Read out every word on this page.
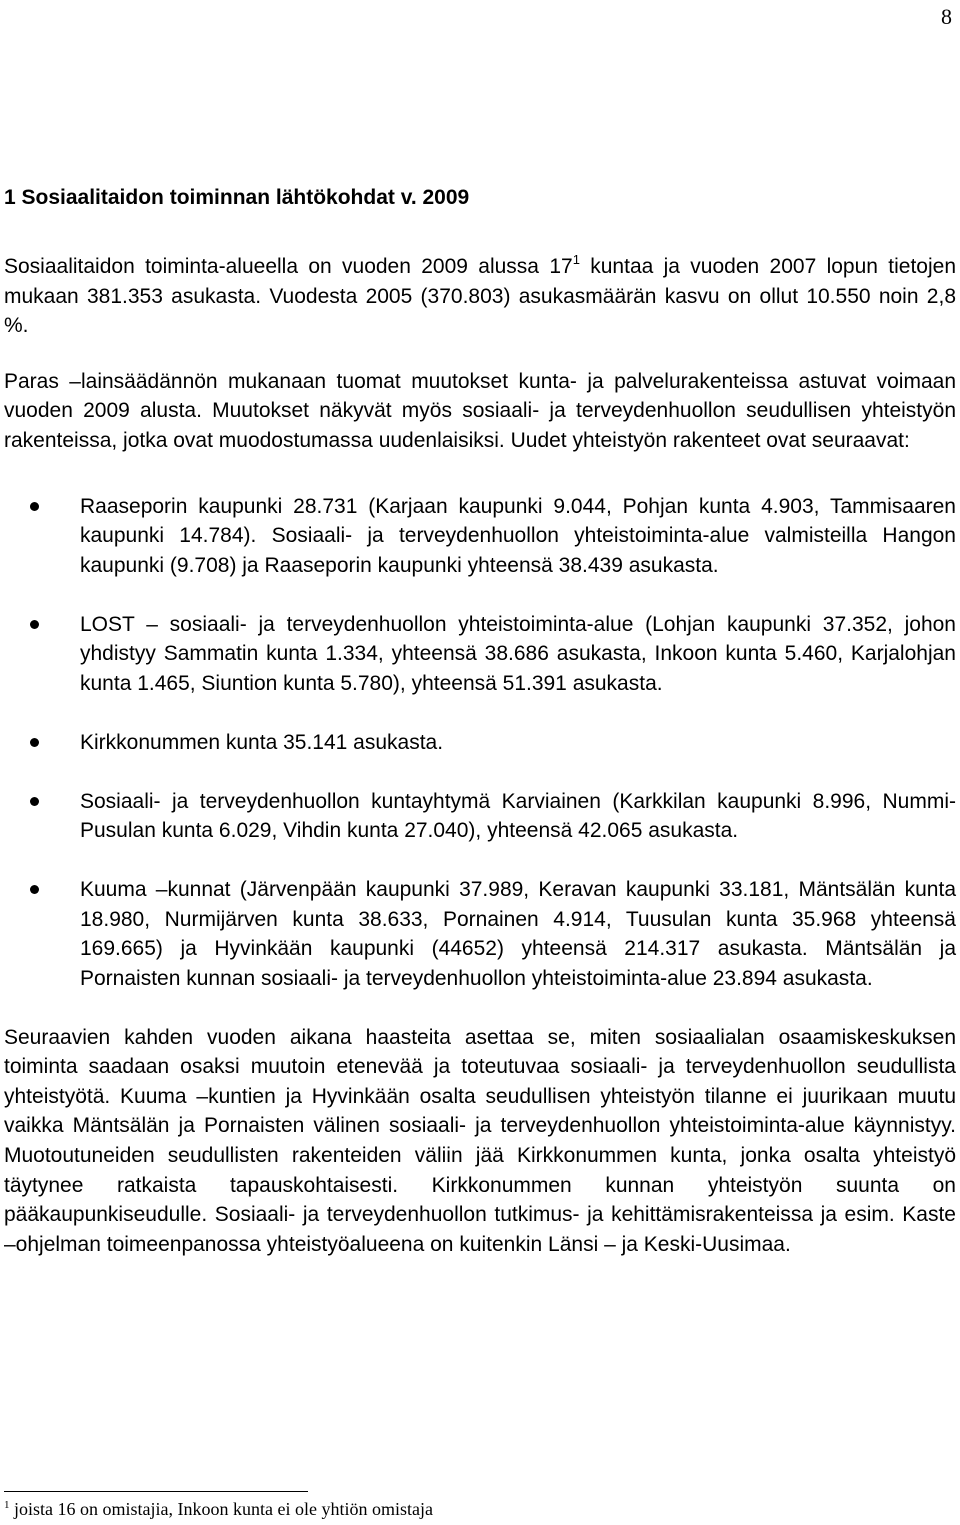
8
1 Sosiaalitaidon toiminnan lähtökohdat v. 2009

Sosiaalitaidon toiminta-alueella on vuoden 2009 alussa $17^1$ kuntaa ja vuoden 2007 lopun tietojen mukaan 381.353 asukasta. Vuodesta 2005 (370.803) asukasmäärän kasvu on ollut 10.550 noin 2,8 %.

Paras –lainsäädännön mukanaan tuomat muutokset kunta- ja palvelurakenteissa astuvat voimaan vuoden 2009 alusta. Muutokset näkyvät myös sosiaali- ja terveydenhuollon seudullisen yhteistyön rakenteissa, jotka ovat muodostumassa uudenlaisiksi. Uudet yhteistyön rakenteet ovat seuraavat:

Raaseporin kaupunki 28.731 (Karjaan kaupunki 9.044, Pohjan kunta 4.903, Tammisaaren kaupunki 14.784). Sosiaali- ja terveydenhuollon yhteistoiminta-alue valmisteilla Hangon kaupunki (9.708) ja Raaseporin kaupunki yhteensä 38.439 asukasta.
LOST – sosiaali- ja terveydenhuollon yhteistoiminta-alue (Lohjan kaupunki 37.352, johon yhdistyy Sammatin kunta 1.334, yhteensä 38.686 asukasta, Inkoon kunta 5.460, Karjalohjan kunta 1.465, Siuntion kunta 5.780), yhteensä 51.391 asukasta.
Kirkkonummen kunta 35.141 asukasta.
Sosiaali- ja terveydenhuollon kuntayhtymä Karviainen (Karkkilan kaupunki 8.996, Nummi-Pusulan kunta 6.029, Vihdin kunta 27.040), yhteensä 42.065 asukasta.
Kuuma –kunnat (Järvenpään kaupunki 37.989, Keravan kaupunki 33.181, Mäntsälän kunta 18.980, Nurmijärven kunta 38.633, Pornainen 4.914, Tuusulan kunta 35.968 yhteensä 169.665) ja Hyvinkään kaupunki (44652) yhteensä 214.317 asukasta. Mäntsälän ja Pornaisten kunnan sosiaali- ja terveydenhuollon yhteistoiminta-alue 23.894 asukasta.

Seuraavien kahden vuoden aikana haasteita asettaa se, miten sosiaalialan osaamiskeskuksen toiminta saadaan osaksi muutoin etenevää ja toteutuvaa sosiaali- ja terveydenhuollon seudullista yhteistyötä. Kuuma –kuntien ja Hyvinkään osalta seudullisen yhteistyön tilanne ei juurikaan muutu vaikka Mäntsälän ja Pornaisten välinen sosiaali- ja terveydenhuollon yhteistoiminta-alue käynnistyy. Muotoutuneiden seudullisten rakenteiden väliin jää Kirkkonummen kunta, jonka osalta yhteistyö täytynee ratkaista tapauskohtaisesti. Kirkkonummen kunnan yhteistyön suunta on pääkaupunkiseudulle. Sosiaali- ja terveydenhuollon tutkimus- ja kehittämisrakenteissa ja esim. Kaste –ohjelman toimeenpanossa yhteistyöalueena on kuitenkin Länsi – ja Keski-Uusimaa.

$^1$ joista 16 on omistajia, Inkoon kunta ei ole yhtiön omistaja
